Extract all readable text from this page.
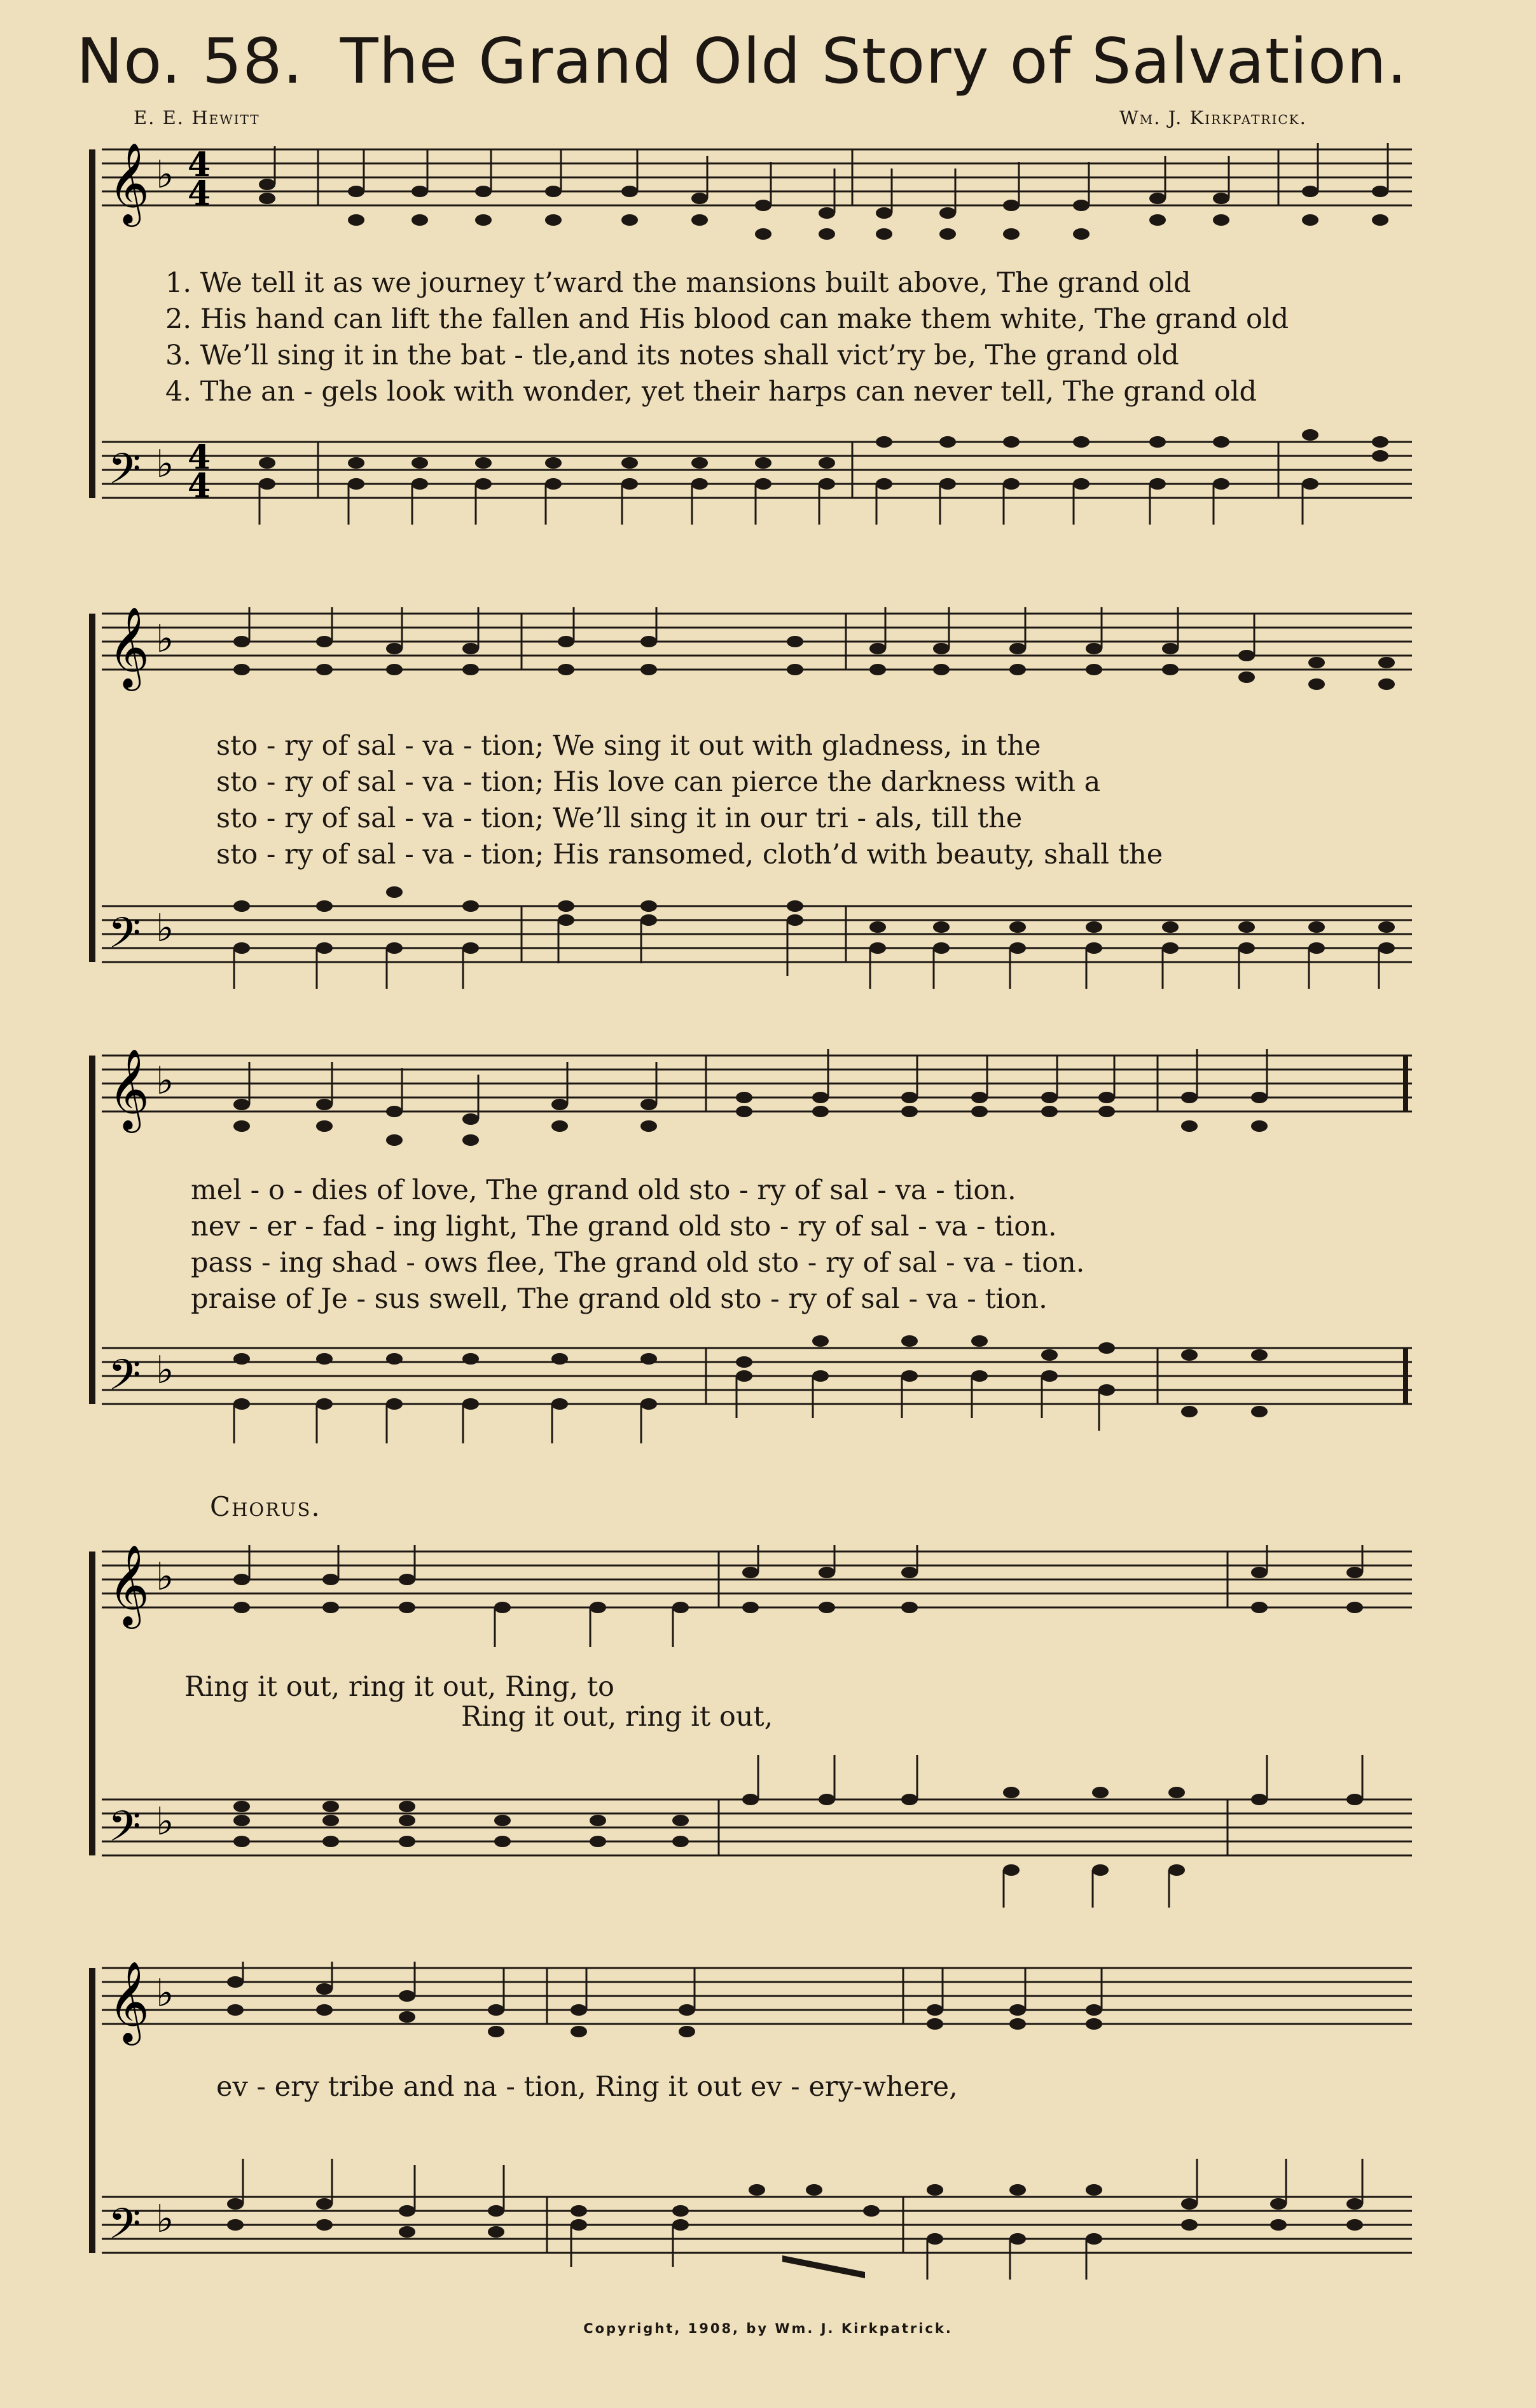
No. 58. The Grand Old Story of Salvation.
E. E. Hewitt	Wm. J. Kirkpatrick.
𝄞
𝄢
♭
♭
4
4
4
4
1. We tell it as we journey t’ward the mansions built above, The grand old
2. His hand can lift the fallen and His blood can make them white, The grand old
3. We’ll sing it in the bat - tle,and its notes shall vict’ry be, The grand old
4. The an - gels look with wonder, yet their harps can never tell, The grand old
𝄞
𝄢
♭
♭
sto - ry of sal - va - tion; We sing it out with gladness, in the
sto - ry of sal - va - tion; His love can pierce the darkness with a
sto - ry of sal - va - tion; We’ll sing it in our tri - als, till the
sto - ry of sal - va - tion; His ransomed, cloth’d with beauty, shall the
𝄞
𝄢
♭
♭
mel - o - dies of love, The grand old sto - ry of sal - va - tion.
nev - er - fad - ing light, The grand old sto - ry of sal - va - tion.
pass - ing shad - ows flee, The grand old sto - ry of sal - va - tion.
praise of Je - sus swell, The grand old sto - ry of sal - va - tion.
Chorus.
𝄞
𝄢
♭
♭
Ring it out, ring it out, Ring, to
Ring it out, ring it out,
𝄞
𝄢
♭
♭
ev - ery tribe and na - tion, Ring it out ev - ery-where,
Copyright, 1908, by Wm. J. Kirkpatrick.
